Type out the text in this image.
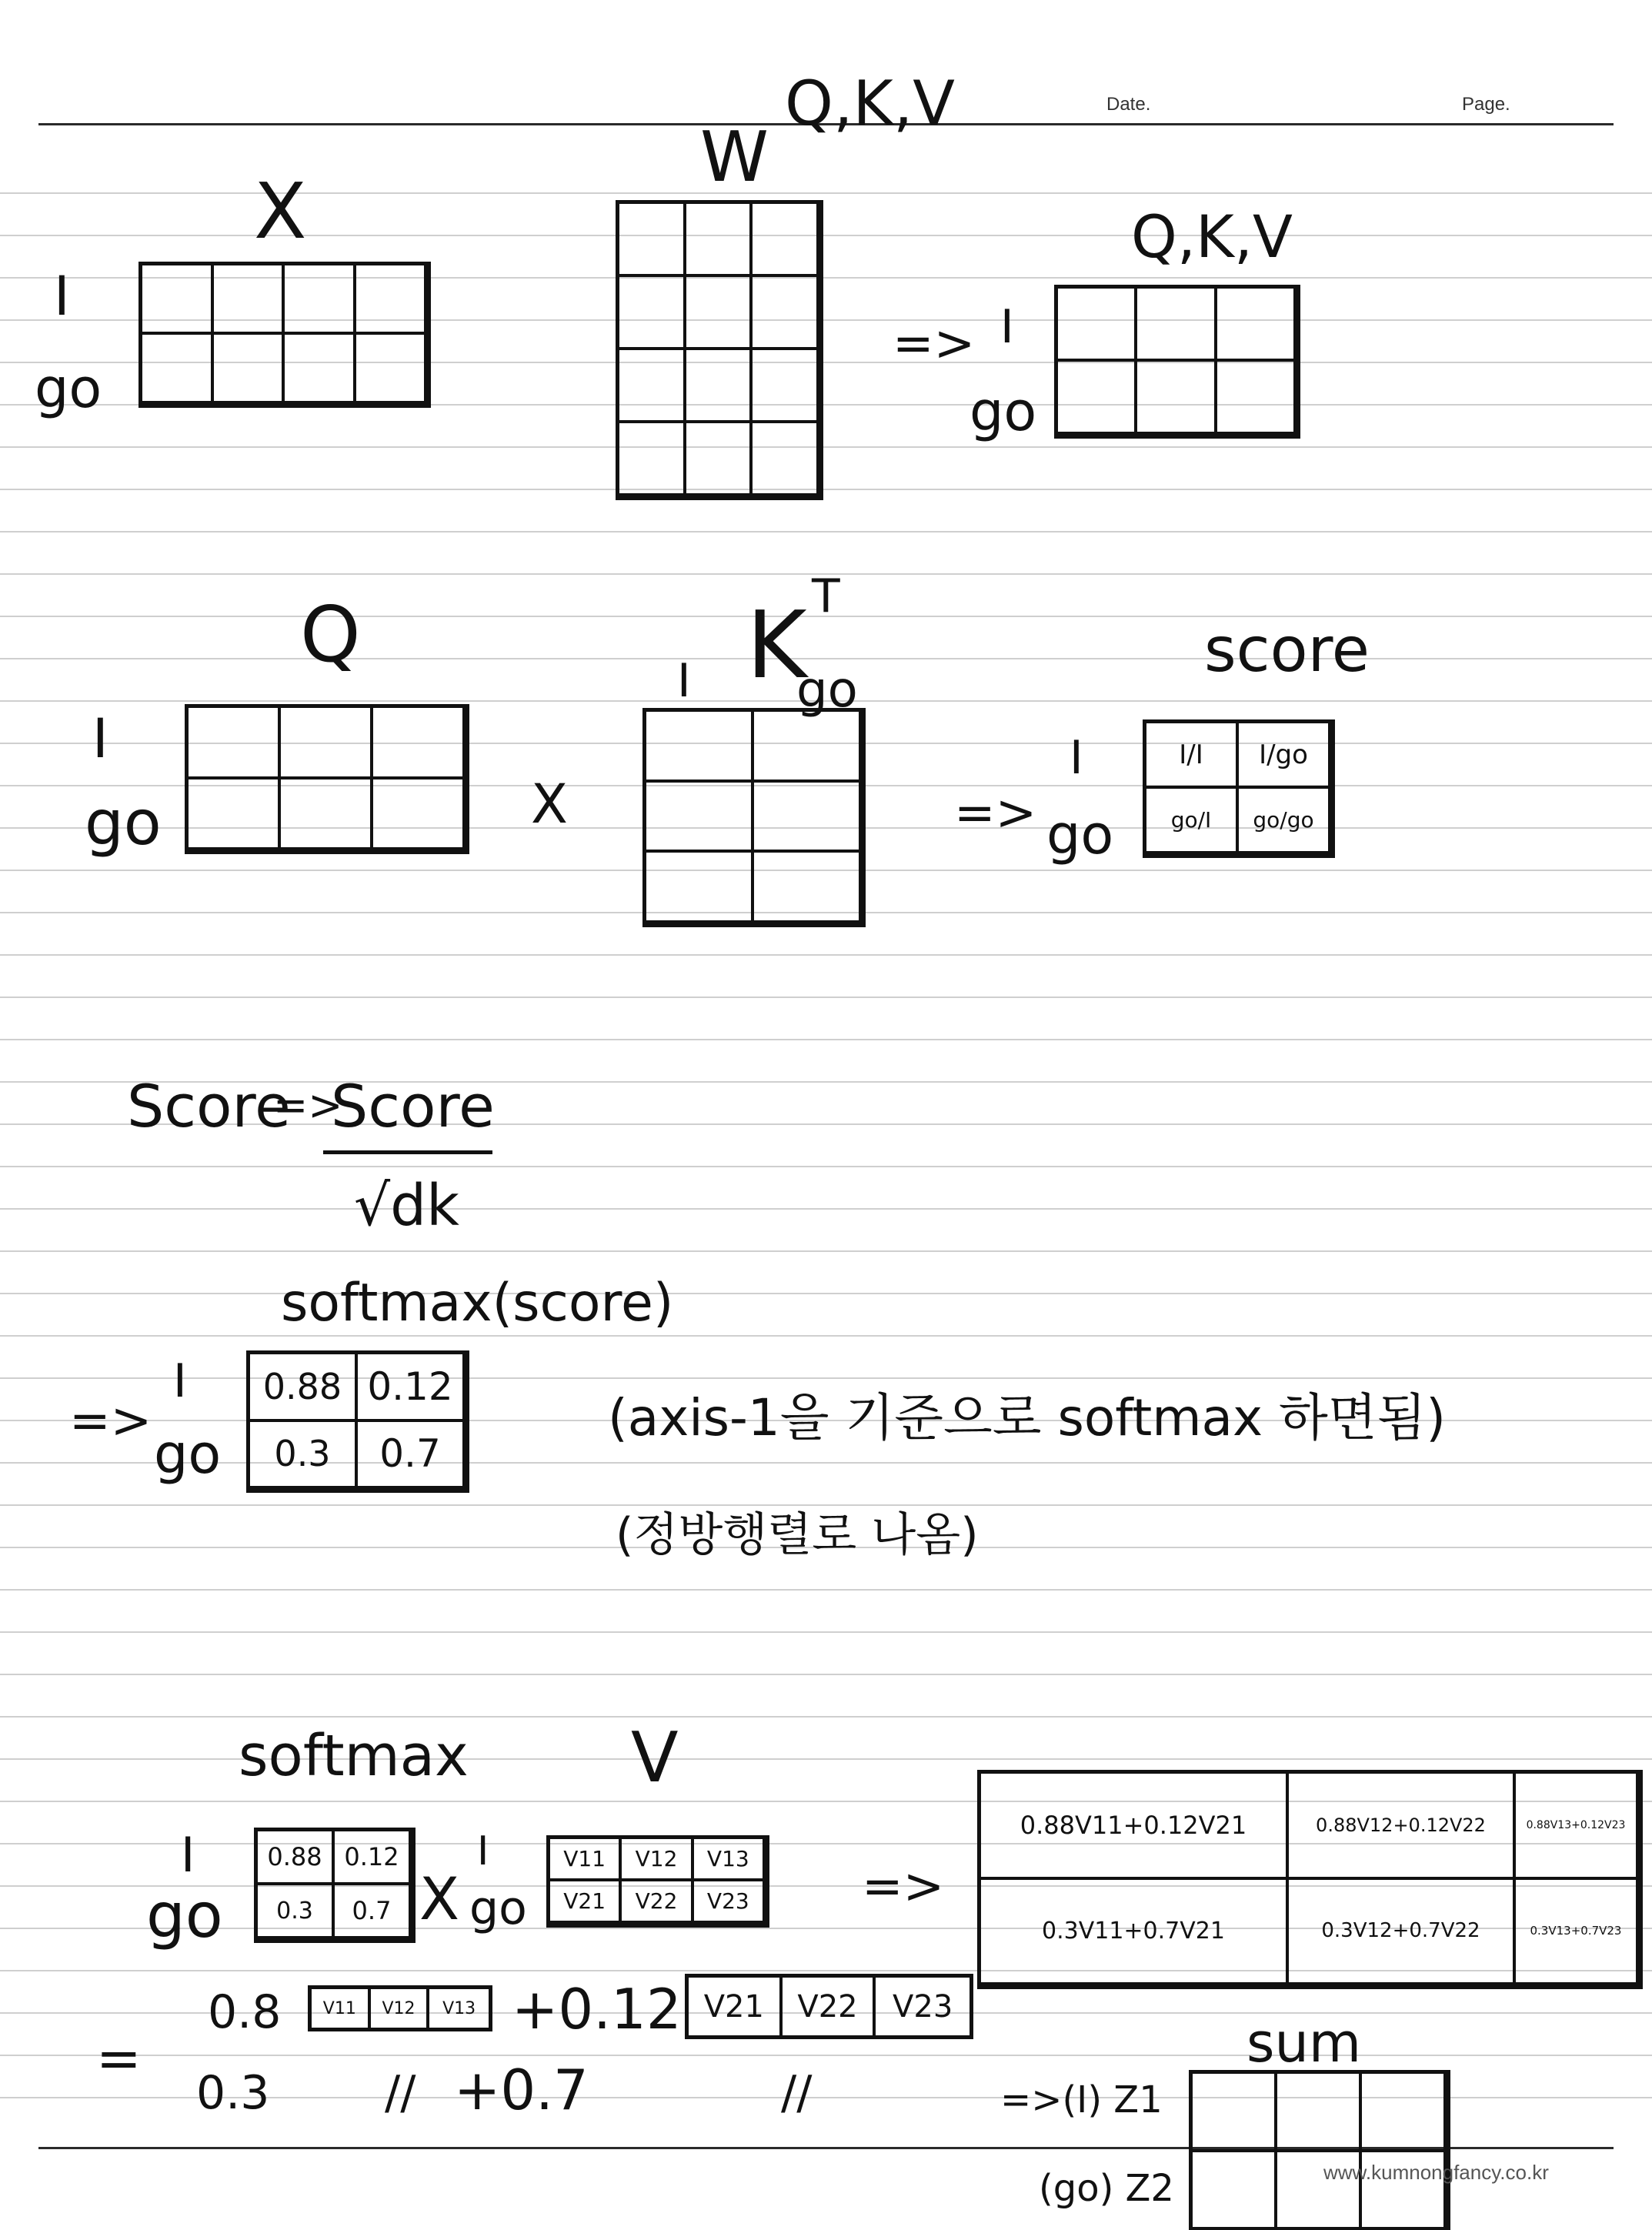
Date.	Page.
X
I
go
W
Q,K,V
=>
Q,K,V
I
go
Q
I
go	X
I K T
go
=>
score
I
go
I/I	I/go
go/I	go/go
Score
=>
Score
√dk
softmax(score)
=>
I
go
0.88 0.12
0.3	0.7
(axis-1을 기준으로 softmax 하면됨)
(정방행렬로 나옴)
softmax V
I
go
0.88 0.12
0.3	0.7 X
I
go
V11	V12	V13
V21	V22	V23	=>
0.88V11+0.12V21	0.88V12+0.12V22	0.88V13+0.12V23
0.3V11+0.7V21	0.3V12+0.7V22	0.3V13+0.7V23
0.8	V11	V12	V13 +0.12 V21	V22	V23
=
0.3 // +0.7	//
sum
=>(I) Z1
(go) Z2	www.kumnongfancy.co.kr
